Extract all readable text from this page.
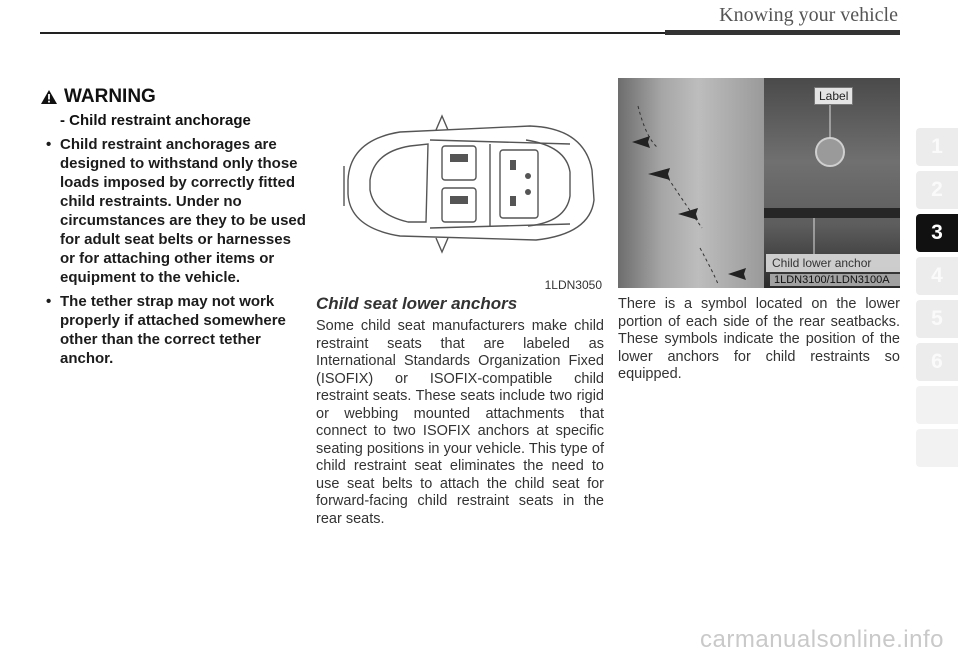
Knowing your vehicle
WARNING
- Child restraint anchorage
• Child restraint anchorages are designed to withstand only those loads imposed by correctly fitted child restraints. Under no circumstances are they to be used for adult seat belts or harnesses or for attaching other items or equipment to the vehicle.
• The tether strap may not work properly if attached somewhere other than the correct tether anchor.
1LDN3050
Child seat lower anchors
Some child seat manufacturers make child restraint seats that are labeled as International Standards Organization Fixed (ISOFIX) or ISOFIX-compatible child restraint seats. These seats include two rigid or webbing mounted attachments that connect to two ISOFIX anchors at specific seating positions in your vehicle. This type of child restraint seat eliminates the need to use seat belts to attach the child seat for forward-facing child restraint seats in the rear seats.
Label
Child lower anchor
1LDN3100/1LDN3100A
There is a symbol located on the lower portion of each side of the rear seatbacks. These symbols indicate the position of the lower anchors for child restraints so equipped.
1
2
3
4
5
6
carmanualsonline.info
